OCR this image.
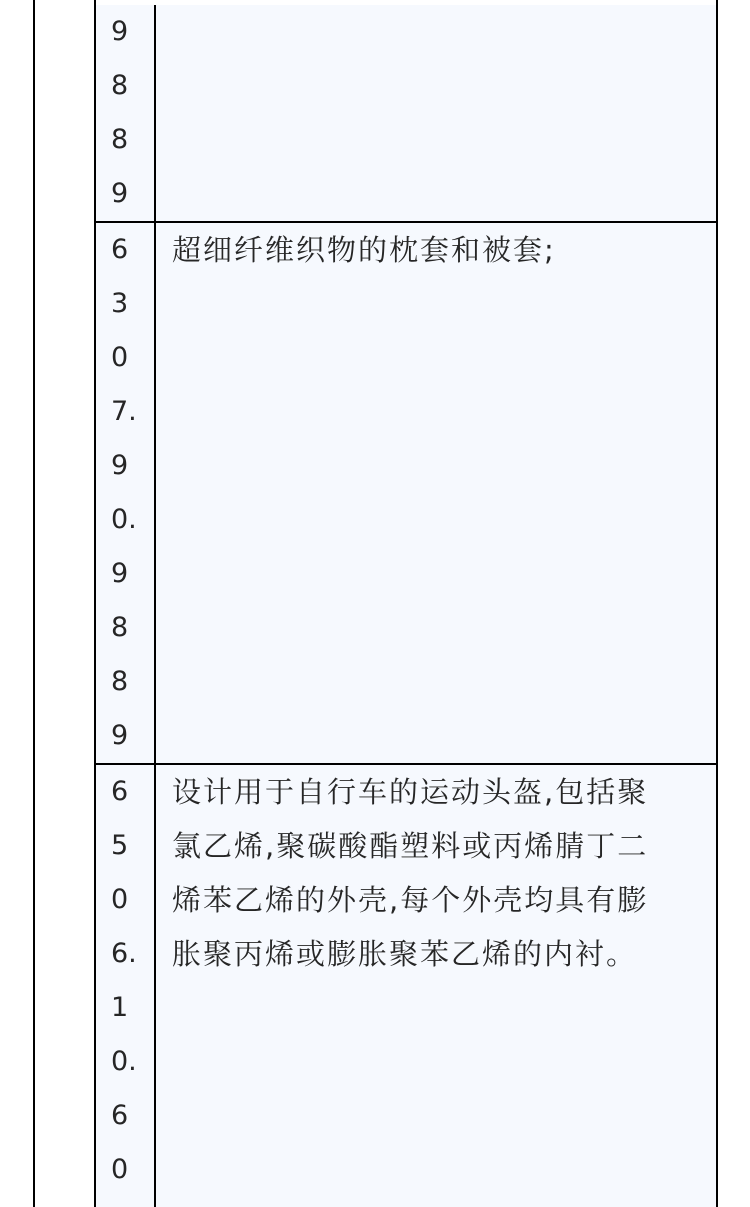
9
8
8
9
6
3
0
7.
9
0.
9
8
8
9
超细纤维织物的枕套和被套;
6
5
0
6.
1
0.
6
0
设计用于自行车的运动头盔,包括聚
氯乙烯,聚碳酸酯塑料或丙烯腈丁二
烯苯乙烯的外壳,每个外壳均具有膨
胀聚丙烯或膨胀聚苯乙烯的内衬。
